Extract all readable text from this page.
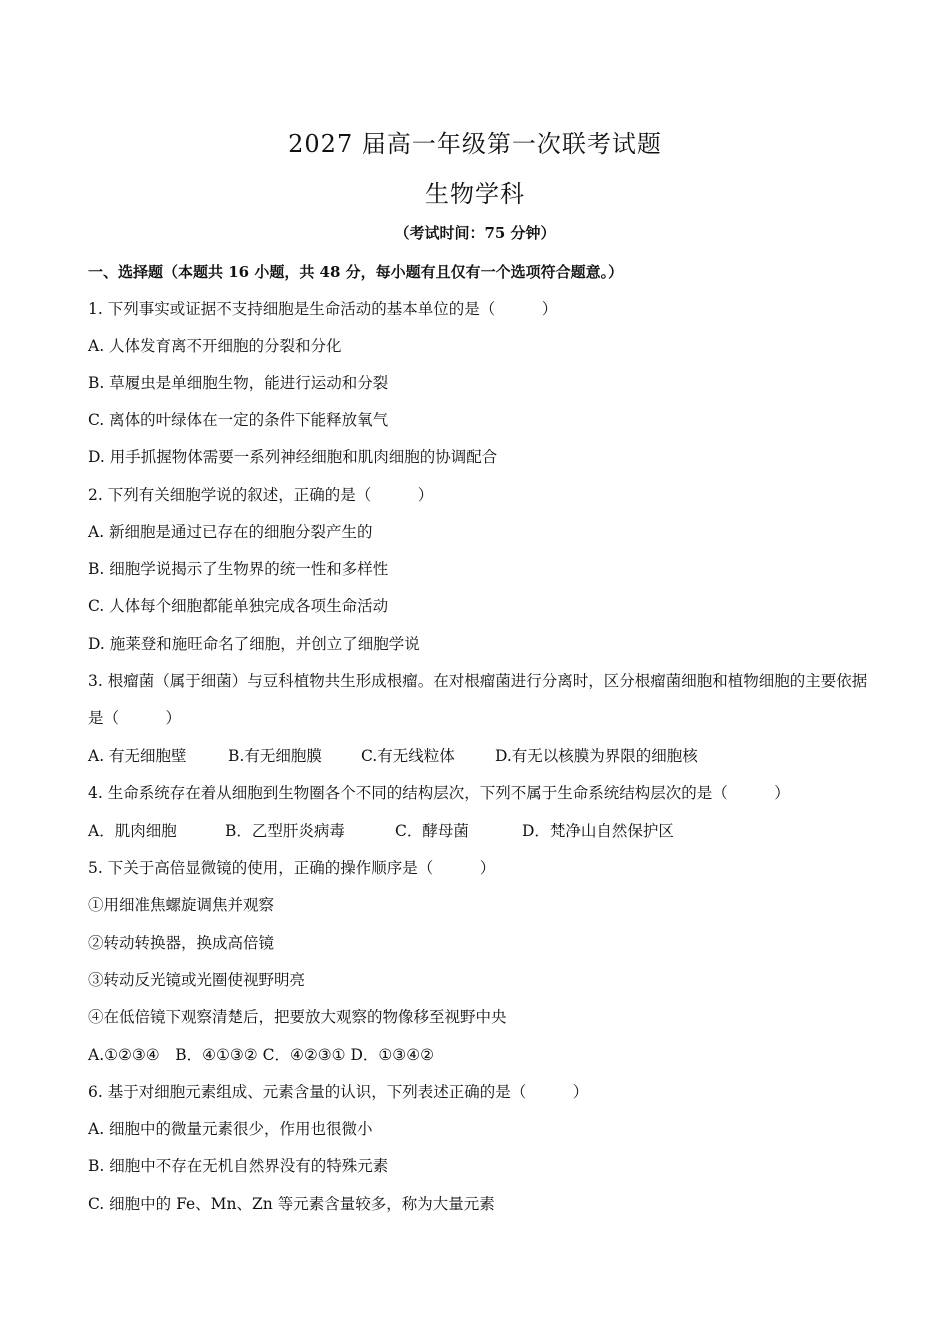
2027 届高一年级第一次联考试题
生物学科
（考试时间：75 分钟）
一、选择题（本题共 16 小题，共 48 分，每小题有且仅有一个选项符合题意。）

1. 下列事实或证据不支持细胞是生命活动的基本单位的是（　　　）

A. 人体发育离不开细胞的分裂和分化

B. 草履虫是单细胞生物，能进行运动和分裂

C. 离体的叶绿体在一定的条件下能释放氧气

D. 用手抓握物体需要一系列神经细胞和肌肉细胞的协调配合

2. 下列有关细胞学说的叙述，正确的是（　　　）

A. 新细胞是通过已存在的细胞分裂产生的

B. 细胞学说揭示了生物界的统一性和多样性

C. 人体每个细胞都能单独完成各项生命活动

D. 施莱登和施旺命名了细胞，并创立了细胞学说

3. 根瘤菌（属于细菌）与豆科植物共生形成根瘤。在对根瘤菌进行分离时，区分根瘤菌细胞和植物细胞的主要依据是（　　　）

A. 有无细胞壁	B.有无细胞膜	C.有无线粒体	D.有无以核膜为界限的细胞核

4. 生命系统存在着从细胞到生物圈各个不同的结构层次，下列不属于生命系统结构层次的是（　　　）

A．肌肉细胞	B．乙型肝炎病毒	C．酵母菌	D．梵净山自然保护区

5. 下关于高倍显微镜的使用，正确的操作顺序是（　　　）

①用细准焦螺旋调焦并观察

②转动转换器，换成高倍镜

③转动反光镜或光圈使视野明亮

④在低倍镜下观察清楚后，把要放大观察的物像移至视野中央

A.①②③④　B．④①③② C．④②③① D．①③④②

6. 基于对细胞元素组成、元素含量的认识，下列表述正确的是（　　　）

A. 细胞中的微量元素很少，作用也很微小

B. 细胞中不存在无机自然界没有的特殊元素

C. 细胞中的 Fe、Mn、Zn 等元素含量较多，称为大量元素
